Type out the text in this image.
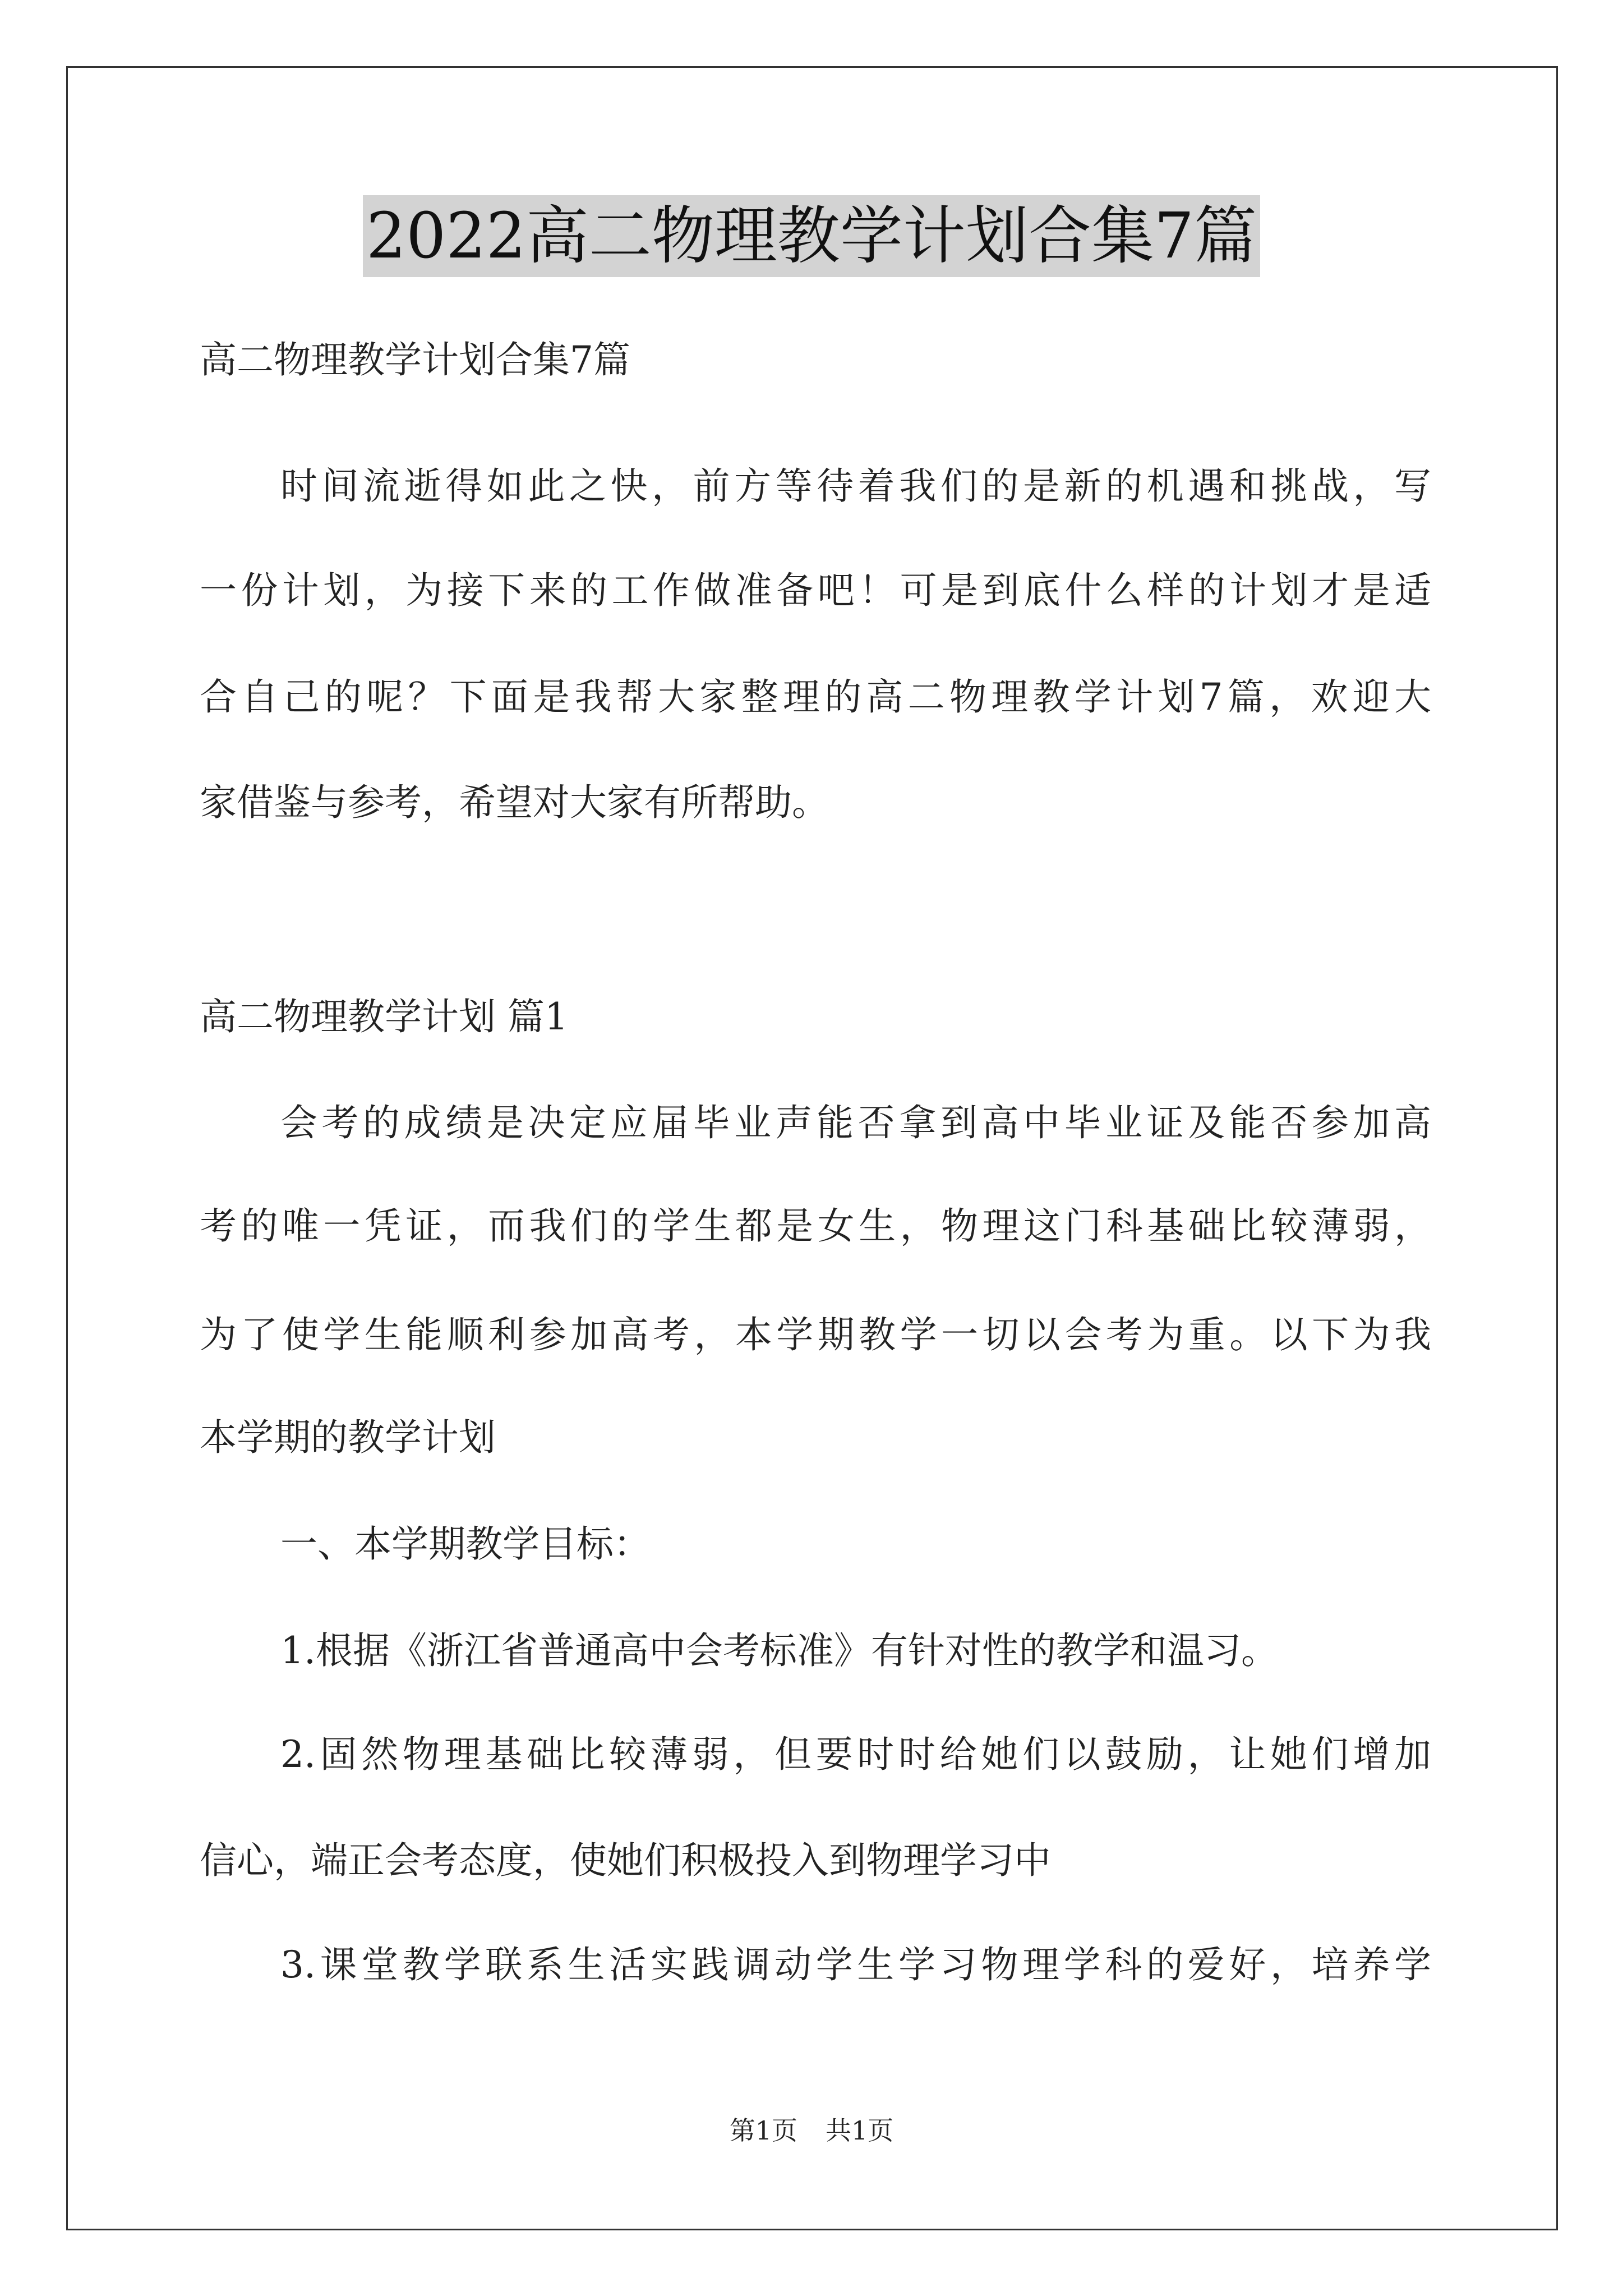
2022高二物理教学计划合集7篇

高二物理教学计划合集7篇

时间流逝得如此之快，前方等待着我们的是新的机遇和挑战，写

一份计划，为接下来的工作做准备吧！可是到底什么样的计划才是适

合自己的呢？下面是我帮大家整理的高二物理教学计划7篇，欢迎大

家借鉴与参考，希望对大家有所帮助。

高二物理教学计划 篇1

会考的成绩是决定应届毕业声能否拿到高中毕业证及能否参加高

考的唯一凭证，而我们的学生都是女生，物理这门科基础比较薄弱，

为了使学生能顺利参加高考，本学期教学一切以会考为重。以下为我

本学期的教学计划

一、本学期教学目标：

1.根据《浙江省普通高中会考标准》有针对性的教学和温习。

2.固然物理基础比较薄弱，但要时时给她们以鼓励，让她们增加

信心，端正会考态度，使她们积极投入到物理学习中

3.课堂教学联系生活实践调动学生学习物理学科的爱好，培养学

第1页 共1页
